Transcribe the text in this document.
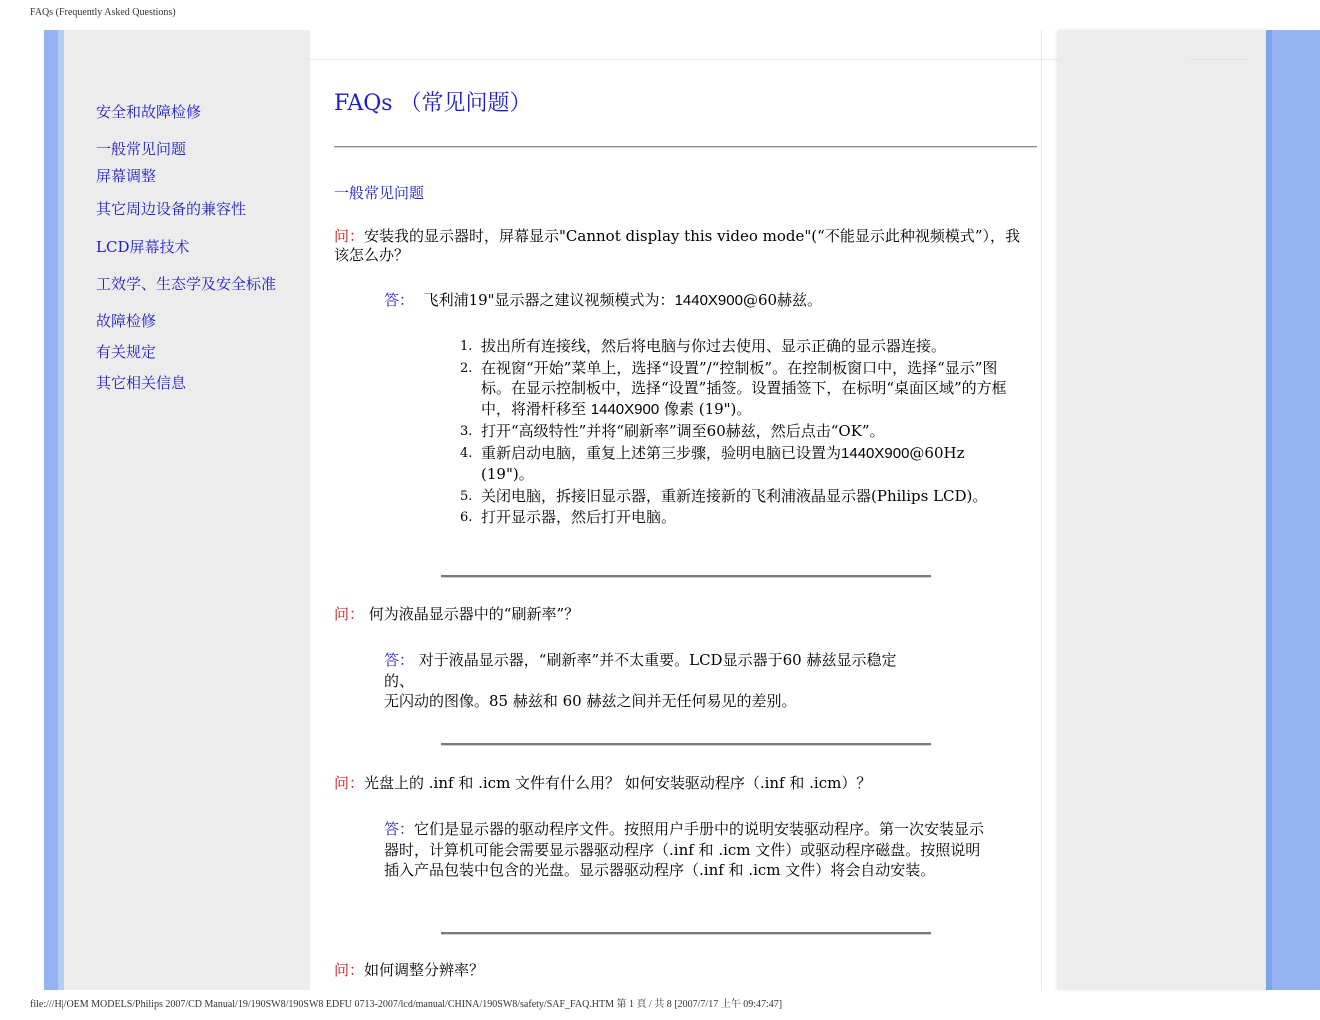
FAQs (Frequently Asked Questions)
安全和故障检修
一般常见问题
屏幕调整
其它周边设备的兼容性
LCD屏幕技术
工效学、生态学及安全标准
故障检修
有关规定
其它相关信息
FAQs （常见问题）
一般常见问题
问：安装我的显示器时，屏幕显示"Cannot display this video mode"(“不能显示此种视频模式”），我该怎么办？
答： 飞利浦19"显示器之建议视频模式为：1440X900@60赫兹。
1. 拔出所有连接线，然后将电脑与你过去使用、显示正确的显示器连接。
2. 在视窗“开始”菜单上，选择“设置”/“控制板”。在控制板窗口中，选择“显示”图标。在显示控制板中，选择“设置”插签。设置插签下，在标明“桌面区域”的方框中，将滑杆移至 1440X900 像素 (19")。
3. 打开“高级特性”并将“刷新率”调至60赫兹，然后点击“OK”。
4. 重新启动电脑，重复上述第三步骤，验明电脑已设置为1440X900@60Hz (19")。
5. 关闭电脑，拆接旧显示器，重新连接新的飞利浦液晶显示器(Philips LCD)。
6. 打开显示器，然后打开电脑。
问： 何为液晶显示器中的“刷新率”？
答： 对于液晶显示器，“刷新率”并不太重要。LCD显示器于60 赫兹显示稳定
的、
无闪动的图像。85 赫兹和 60 赫兹之间并无任何易见的差别。
问：光盘上的 .inf 和 .icm 文件有什么用？ 如何安装驱动程序（.inf 和 .icm）？
答：它们是显示器的驱动程序文件。按照用户手册中的说明安装驱动程序。第一次安装显示器时，计算机可能会需要显示器驱动程序（.inf 和 .icm 文件）或驱动程序磁盘。按照说明插入产品包装中包含的光盘。显示器驱动程序（.inf 和 .icm 文件）将会自动安装。
问：如何调整分辨率？
file:///H|/OEM MODELS/Philips 2007/CD Manual/19/190SW8/190SW8 EDFU 0713-2007/lcd/manual/CHINA/190SW8/safety/SAF_FAQ.HTM 第 1 頁 / 共 8 [2007/7/17 上午 09:47:47]
